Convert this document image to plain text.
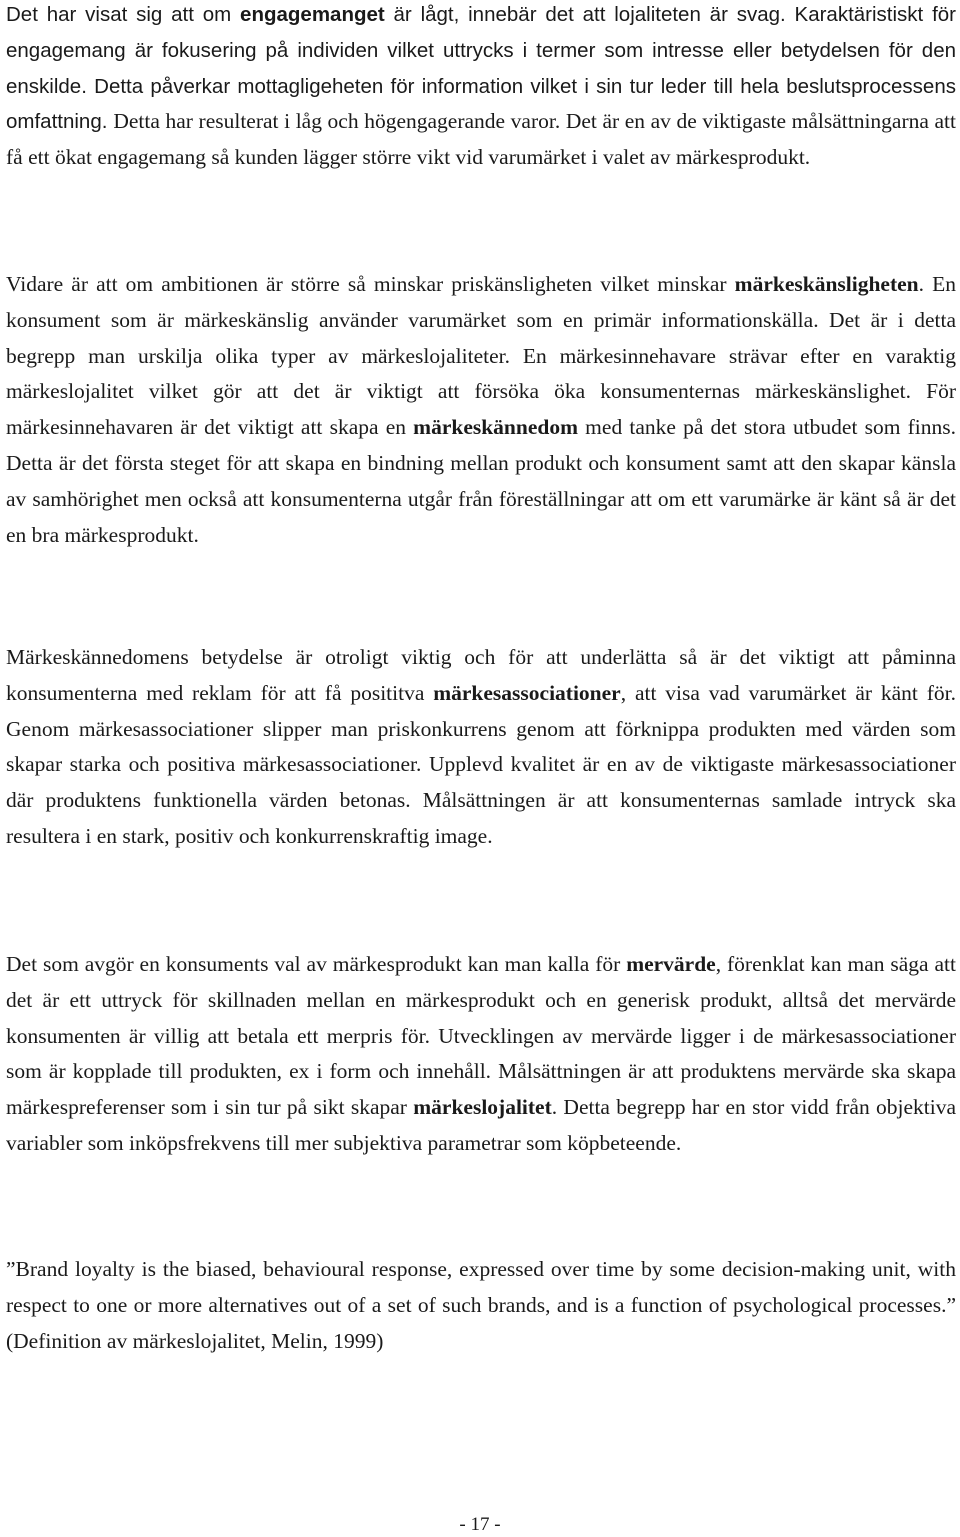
Det har visat sig att om engagemanget är lågt, innebär det att lojaliteten är svag. Karaktäristiskt för engagemang är fokusering på individen vilket uttrycks i termer som intresse eller betydelsen för den enskilde. Detta påverkar mottagligeheten för information vilket i sin tur leder till hela beslutsprocessens omfattning. Detta har resulterat i låg och högengagerande varor. Det är en av de viktigaste målsättningarna att få ett ökat engagemang så kunden lägger större vikt vid varumärket i valet av märkesprodukt.

Vidare är att om ambitionen är större så minskar priskänsligheten vilket minskar märkeskänsligheten. En konsument som är märkeskänslig använder varumärket som en primär informationskälla. Det är i detta begrepp man urskilja olika typer av märkeslojaliteter. En märkesinnehavare strävar efter en varaktig märkeslojalitet vilket gör att det är viktigt att försöka öka konsumenternas märkeskänslighet. För märkesinnehavaren är det viktigt att skapa en märkeskännedom med tanke på det stora utbudet som finns. Detta är det första steget för att skapa en bindning mellan produkt och konsument samt att den skapar känsla av samhörighet men också att konsumenterna utgår från föreställningar att om ett varumärke är känt så är det en bra märkesprodukt.

Märkeskännedomens betydelse är otroligt viktig och för att underlätta så är det viktigt att påminna konsumenterna med reklam för att få posititva märkesassociationer, att visa vad varumärket är känt för. Genom märkesassociationer slipper man priskonkurrens genom att förknippa produkten med värden som skapar starka och positiva märkesassociationer. Upplevd kvalitet är en av de viktigaste märkesassociationer där produktens funktionella värden betonas. Målsättningen är att konsumenternas samlade intryck ska resultera i en stark, positiv och konkurrenskraftig image.

Det som avgör en konsuments val av märkesprodukt kan man kalla för mervärde, förenklat kan man säga att det är ett uttryck för skillnaden mellan en märkesprodukt och en generisk produkt, alltså det mervärde konsumenten är villig att betala ett merpris för. Utvecklingen av mervärde ligger i de märkesassociationer som är kopplade till produkten, ex i form och innehåll. Målsättningen är att produktens mervärde ska skapa märkespreferenser som i sin tur på sikt skapar märkeslojalitet. Detta begrepp har en stor vidd från objektiva variabler som inköpsfrekvens till mer subjektiva parametrar som köpbeteende.

”Brand loyalty is the biased, behavioural response, expressed over time by some decision-making unit, with respect to one or more alternatives out of a set of such brands, and is a function of psychological processes.” (Definition av märkeslojalitet, Melin, 1999)

- 17 -
